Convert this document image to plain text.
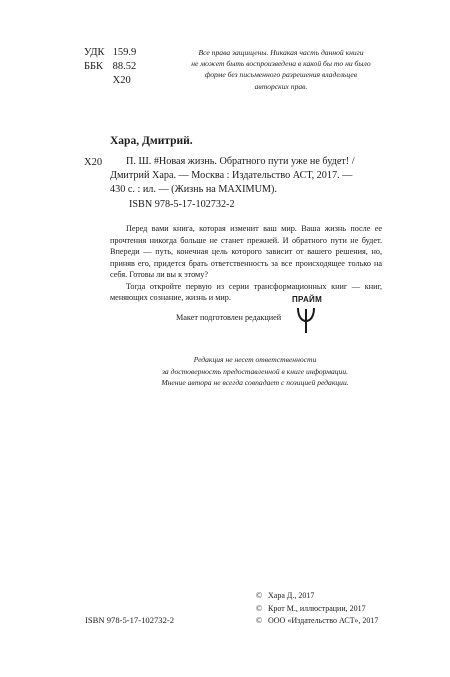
УДК 159.9
ББК 88.52
Х20
Все права защищены. Никакая часть данной книги
не может быть воспроизведена в какой бы то ни было
форме без письменного разрешения владельцев
авторских прав.
Хара, Дмитрий.
Х20	П. Ш. #Новая жизнь. Обратного пути уже не будет! /
Дмитрий Хара. — Москва : Издательство АСТ, 2017. —
430 с. : ил. — (Жизнь на MAXIMUM).
ISBN 978-5-17-102732-2

Перед вами книга, которая изменит ваш мир. Ваша жизнь после ее прочтения никогда больше не станет прежней. И обратного пути не будет. Впереди — путь, конечная цель которого зависит от вашего решения, но, приняв его, придется брать ответственность за все происходящее только на себя. Готовы ли вы к этому?

Тогда откройте первую из серии трансформационных книг — книг, меняющих сознание, жизнь и мир.

Макет подготовлен редакцией
ПРАЙМ
Редакция не несет ответственности
за достоверность предоставленной в книге информации.
Мнение автора не всегда совпадает с позицией редакции.
© Хара Д., 2017
© Крот М., иллюстрации, 2017
© ООО «Издательство АСТ», 2017
ISBN 978-5-17-102732-2
